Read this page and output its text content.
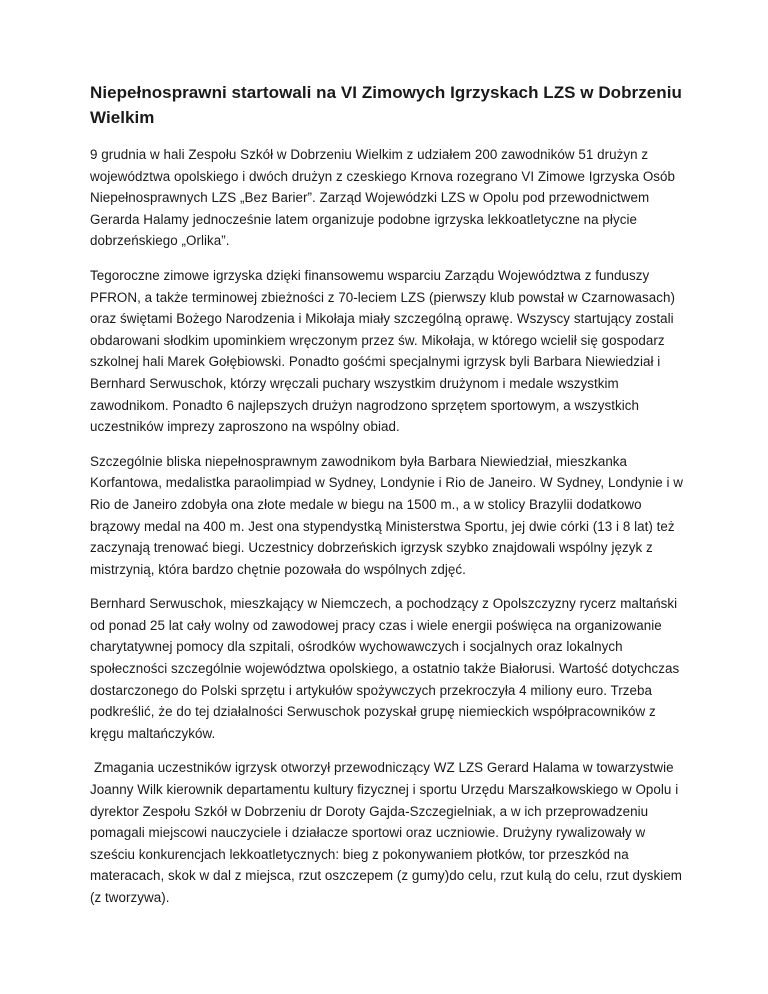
Niepełnosprawni startowali na VI Zimowych Igrzyskach LZS w Dobrzeniu Wielkim

9 grudnia w hali Zespołu Szkół w Dobrzeniu Wielkim z udziałem 200 zawodników 51 drużyn z województwa opolskiego i dwóch drużyn z czeskiego Krnova rozegrano VI Zimowe Igrzyska Osób Niepełnosprawnych LZS „Bez Barier”. Zarząd Wojewódzki LZS w Opolu pod przewodnictwem Gerarda Halamy jednocześnie latem organizuje podobne igrzyska lekkoatletyczne na płycie dobrzeńskiego „Orlika”.

Tegoroczne zimowe igrzyska dzięki finansowemu wsparciu Zarządu Województwa z funduszy PFRON, a także terminowej zbieżności z 70-leciem LZS (pierwszy klub powstał w Czarnowasach) oraz świętami Bożego Narodzenia i Mikołaja miały szczególną oprawę. Wszyscy startujący zostali obdarowani słodkim upominkiem wręczonym przez św. Mikołaja, w którego wcielił się gospodarz szkolnej hali Marek Gołębiowski. Ponadto gośćmi specjalnymi igrzysk byli Barbara Niewiedział i Bernhard Serwuschok, którzy wręczali puchary wszystkim drużynom i medale wszystkim zawodnikom. Ponadto 6 najlepszych drużyn nagrodzono sprzętem sportowym, a wszystkich uczestników imprezy zaproszono na wspólny obiad.

Szczególnie bliska niepełnosprawnym zawodnikom była Barbara Niewiedział, mieszkanka Korfantowa, medalistka paraolimpiad w Sydney, Londynie i Rio de Janeiro. W Sydney, Londynie i w Rio de Janeiro zdobyła ona złote medale w biegu na 1500 m., a w stolicy Brazylii dodatkowo brązowy medal na 400 m. Jest ona stypendystką Ministerstwa Sportu, jej dwie córki (13 i 8 lat) też zaczynają trenować biegi. Uczestnicy dobrzeńskich igrzysk szybko znajdowali wspólny język z mistrzynią, która bardzo chętnie pozowała do wspólnych zdjęć.

Bernhard Serwuschok, mieszkający w Niemczech, a pochodzący z Opolszczyzny rycerz maltański od ponad 25 lat cały wolny od zawodowej pracy czas i wiele energii poświęca na organizowanie charytatywnej pomocy dla szpitali, ośrodków wychowawczych i socjalnych oraz lokalnych społeczności szczególnie województwa opolskiego, a ostatnio także Białorusi. Wartość dotychczas dostarczonego do Polski sprzętu i artykułów spożywczych przekroczyła 4 miliony euro. Trzeba podkreślić, że do tej działalności Serwuschok pozyskał grupę niemieckich współpracowników z kręgu maltańczyków.

Zmagania uczestników igrzysk otworzył przewodniczący WZ LZS Gerard Halama w towarzystwie Joanny Wilk kierownik departamentu kultury fizycznej i sportu Urzędu Marszałkowskiego w Opolu i dyrektor Zespołu Szkół w Dobrzeniu dr Doroty Gajda-Szczegielniak, a w ich przeprowadzeniu pomagali miejscowi nauczyciele i działacze sportowi oraz uczniowie. Drużyny rywalizowały w sześciu konkurencjach lekkoatletycznych: bieg z pokonywaniem płotków, tor przeszkód na materacach, skok w dal z miejsca, rzut oszczepem (z gumy)do celu, rzut kulą do celu, rzut dyskiem (z tworzywa).
